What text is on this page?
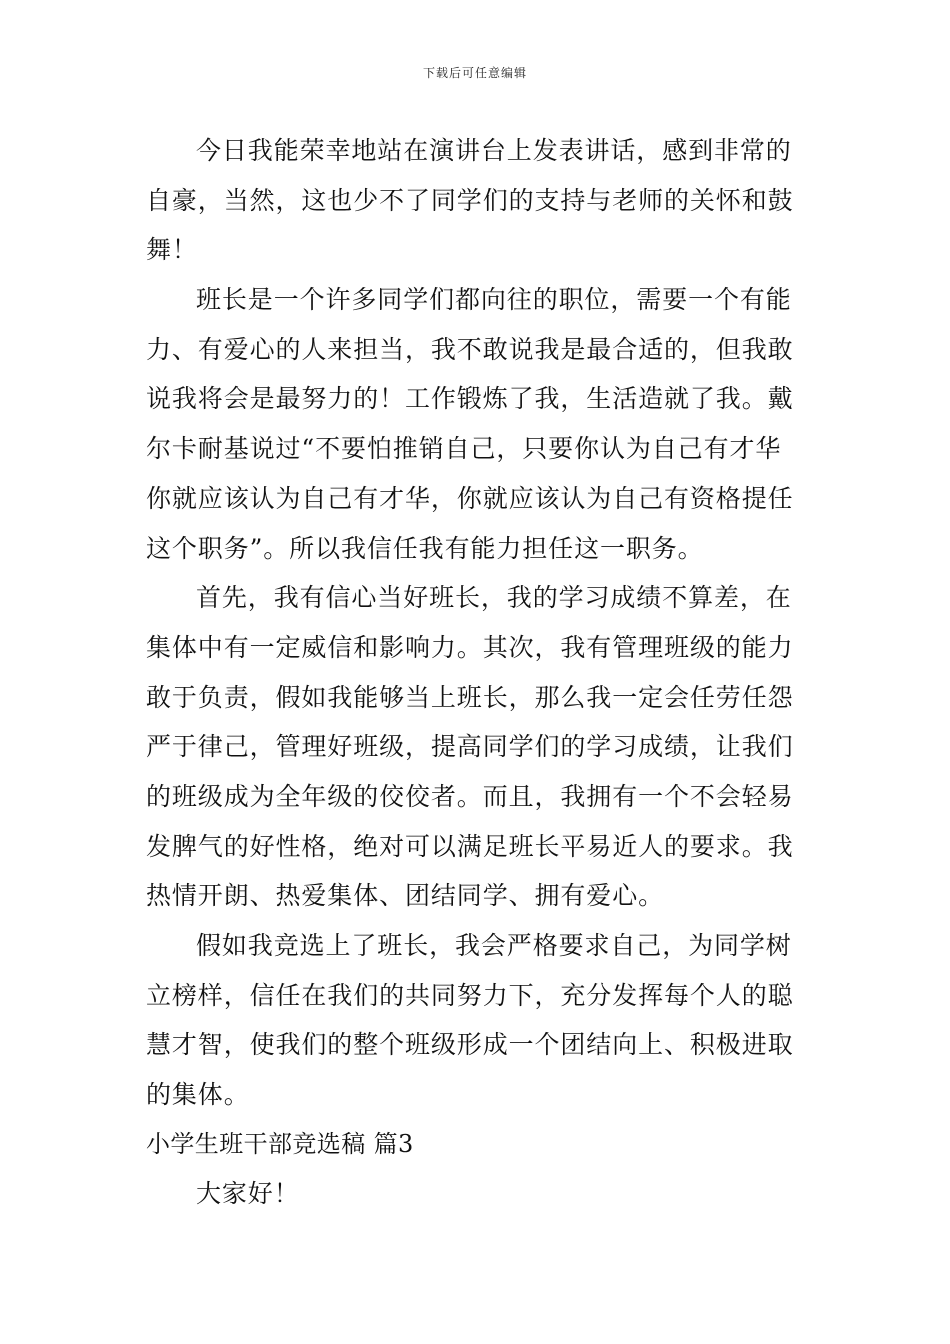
下载后可任意编辑
今日我能荣幸地站在演讲台上发表讲话，感到非常的
自豪，当然，这也少不了同学们的支持与老师的关怀和鼓
舞！
班长是一个许多同学们都向往的职位，需要一个有能
力、有爱心的人来担当，我不敢说我是最合适的，但我敢
说我将会是最努力的！工作锻炼了我，生活造就了我。戴
尔卡耐基说过“不要怕推销自己，只要你认为自己有才华
你就应该认为自己有才华，你就应该认为自己有资格提任
这个职务”。所以我信任我有能力担任这一职务。
首先，我有信心当好班长，我的学习成绩不算差，在
集体中有一定威信和影响力。其次，我有管理班级的能力
敢于负责，假如我能够当上班长，那么我一定会任劳任怨
严于律己，管理好班级，提高同学们的学习成绩，让我们
的班级成为全年级的佼佼者。而且，我拥有一个不会轻易
发脾气的好性格，绝对可以满足班长平易近人的要求。我
热情开朗、热爱集体、团结同学、拥有爱心。
假如我竞选上了班长，我会严格要求自己，为同学树
立榜样，信任在我们的共同努力下，充分发挥每个人的聪
慧才智，使我们的整个班级形成一个团结向上、积极进取
的集体。
小学生班干部竞选稿 篇3
大家好！
